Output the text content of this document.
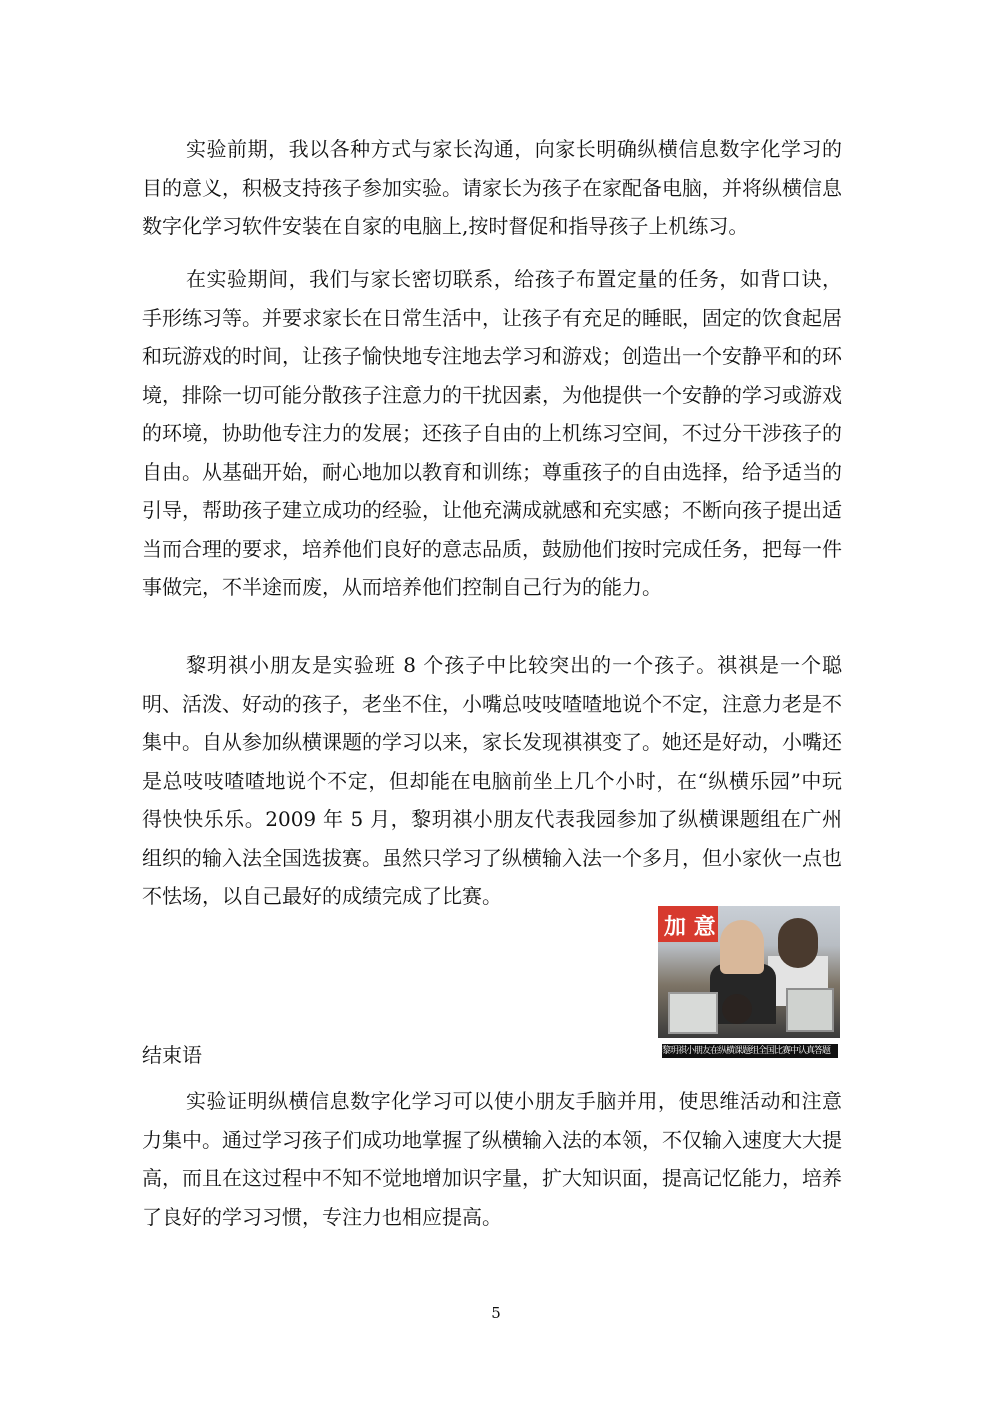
实验前期，我以各种方式与家长沟通，向家长明确纵横信息数字化学习的目的意义，积极支持孩子参加实验。请家长为孩子在家配备电脑，并将纵横信息数字化学习软件安装在自家的电脑上,按时督促和指导孩子上机练习。

在实验期间，我们与家长密切联系，给孩子布置定量的任务，如背口诀，手形练习等。并要求家长在日常生活中，让孩子有充足的睡眠，固定的饮食起居和玩游戏的时间，让孩子愉快地专注地去学习和游戏；创造出一个安静平和的环境，排除一切可能分散孩子注意力的干扰因素，为他提供一个安静的学习或游戏的环境，协助他专注力的发展；还孩子自由的上机练习空间，不过分干涉孩子的自由。从基础开始，耐心地加以教育和训练；尊重孩子的自由选择，给予适当的引导，帮助孩子建立成功的经验，让他充满成就感和充实感；不断向孩子提出适当而合理的要求，培养他们良好的意志品质，鼓励他们按时完成任务，把每一件事做完，不半途而废，从而培养他们控制自己行为的能力。

黎玥祺小朋友是实验班 8 个孩子中比较突出的一个孩子。祺祺是一个聪明、活泼、好动的孩子，老坐不住，小嘴总吱吱喳喳地说个不定，注意力老是不集中。自从参加纵横课题的学习以来，家长发现祺祺变了。她还是好动，小嘴还是总吱吱喳喳地说个不定，但却能在电脑前坐上几个小时，在“纵横乐园”中玩得快快乐乐。2009 年 5 月，黎玥祺小朋友代表我园参加了纵横课题组在广州组织的输入法全国选拔赛。虽然只学习了纵横输入法一个多月，但小家伙一点也不怯场，以自己最好的成绩完成了比赛。

加 意
黎玥祺小朋友在纵横课题组全国比赛中认真答题

结束语

实验证明纵横信息数字化学习可以使小朋友手脑并用，使思维活动和注意力集中。通过学习孩子们成功地掌握了纵横输入法的本领，不仅输入速度大大提高，而且在这过程中不知不觉地增加识字量，扩大知识面，提高记忆能力，培养了良好的学习习惯，专注力也相应提高。

5
